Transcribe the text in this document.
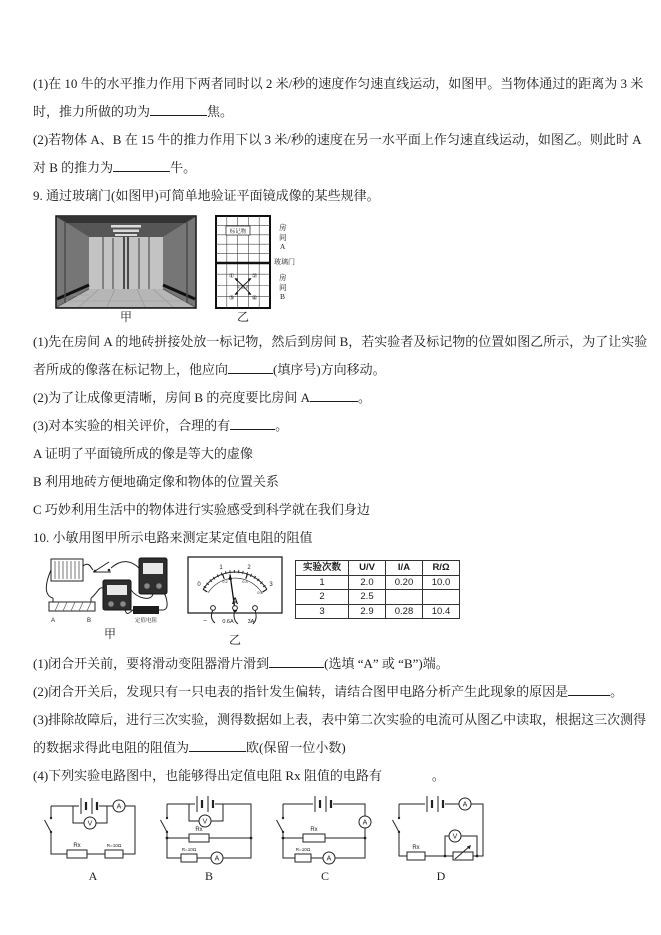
(1)在 10 牛的水平推力作用下两者同时以 2 米/秒的速度作匀速直线运动，如图甲。当物体通过的距离为 3 米

时，推力所做的功为	焦。

(2)若物体 A、B 在 15 牛的推力作用下以 3 米/秒的速度在另一水平面上作匀速直线运动，如图乙。则此时 A

对 B 的推力为	牛。

9. 通过玻璃门(如图甲)可简单地验证平面镜成像的某些规律。

甲
标记物
①	②
③	④
实验者
房间A
玻璃门
房间B
乙

(1)先在房间 A 的地砖拼接处放一标记物，然后到房间 B，若实验者及标记物的位置如图乙所示，为了让实验

者所成的像落在标记物上，他应向	(填序号)方向移动。

(2)为了让成像更清晰，房间 B 的亮度要比房间 A	。

(3)对本实验的相关评价，合理的有	。

A 证明了平面镜所成的像是等大的虚像

B 利用地砖方便地确定像和物体的位置关系

C 巧妙利用生活中的物体进行实验感受到科学就在我们身边

10. 小敏用图甲所示电路来测定某定值电阻的阻值

A	B	定值电阻
甲
0
1	2
3
0.2	0.4
0.6
A
–	0.6A	3A
乙
实验次数	U/V	I/A	R/Ω
1	2.0	0.20	10.0
2	2.5		
3	2.9	0.28	10.4

(1)闭合开关前，要将滑动变阻器滑片滑到	(选填 “A” 或 “B”)端。

(2)闭合开关后，发现只有一只电表的指针发生偏转，请结合图甲电路分析产生此现象的原因是	。

(3)排除故障后，进行三次实验，测得数据如上表，表中第二次实验的电流可从图乙中读取，根据这三次测得

的数据求得此电阻的阻值为	欧(保留一位小数)

(4)下列实验电路图中，也能够得出定值电阻 Rx 阻值的电路有	。

A
V
Rx	R=10Ω
A
V
Rx
R=10Ω
A
B
A
Rx
R=10Ω
A
C
A
Rx
V
D
